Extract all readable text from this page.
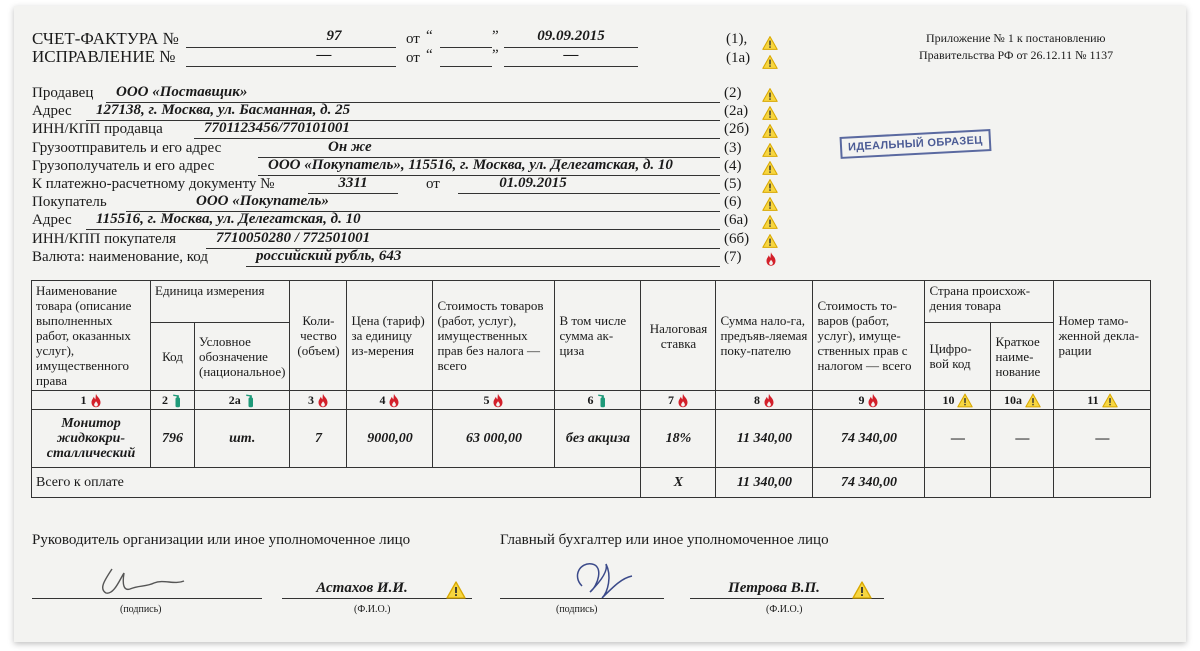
СЧЕТ-ФАКТУРА №	97	от “	”	09.09.2015	(1),
ИСПРАВЛЕНИЕ №	—	от “	”	—	(1а)
Приложение № 1 к постановлению
Правительства РФ от 26.12.11 № 1137
ИДЕАЛЬНЫЙ ОБРАЗЕЦ
Продавец ООО «Поставщик»	(2)
Адрес 127138, г. Москва, ул. Басманная, д. 25	(2а)
ИНН/КПП продавца	7701123456/770101001	(2б)
Грузоотправитель и его адрес	Он же	(3)
Грузополучатель и его адрес	ООО «Покупатель», 115516, г. Москва, ул. Делегатская, д. 10	(4)
К платежно-расчетному документу №	3311	от	01.09.2015	(5)
Покупатель	ООО «Покупатель»	(6)
Адрес 115516, г. Москва, ул. Делегатская, д. 10	(6а)
ИНН/КПП покупателя	7710050280 / 772501001	(6б)
Валюта: наименование, код	российский рубль, 643	(7)
Наименование товара (описание выполненных работ, оказанных услуг), имущественного права	Единица измерения		Коли-чество (объем)	Цена (тариф) за единицу из-мерения	Стоимость товаров (работ, услуг), имущественных прав без налога — всего	В том числе сумма ак-циза	Налоговая ставка	Сумма нало-га, предъяв-ляемая поку-пателю	Стоимость то-варов (работ, услуг), имуще-ственных прав с налогом — всего	Страна происхож-дения товара		Номер тамо-женной декла-рации
	Код	Условное обозначение (национальное)								Цифро-вой код	Краткое наиме-нование	

1	2	2а	3	4	5	6	7	8	9	10	10а	11

Монитор жидкокри-сталлический	796	шт.	7	9000,00	63 000,00	без акциза	18%	11 340,00	74 340,00	—	—	—
Всего к оплате							Х	11 340,00	74 340,00			
Руководитель организации или иное уполномоченное лицо	Главный бухгалтер или иное уполномоченное лицо
(подпись)
Астахов И.И.
(Ф.И.О.)	(подпись)
Петрова В.П.
(Ф.И.О.)
